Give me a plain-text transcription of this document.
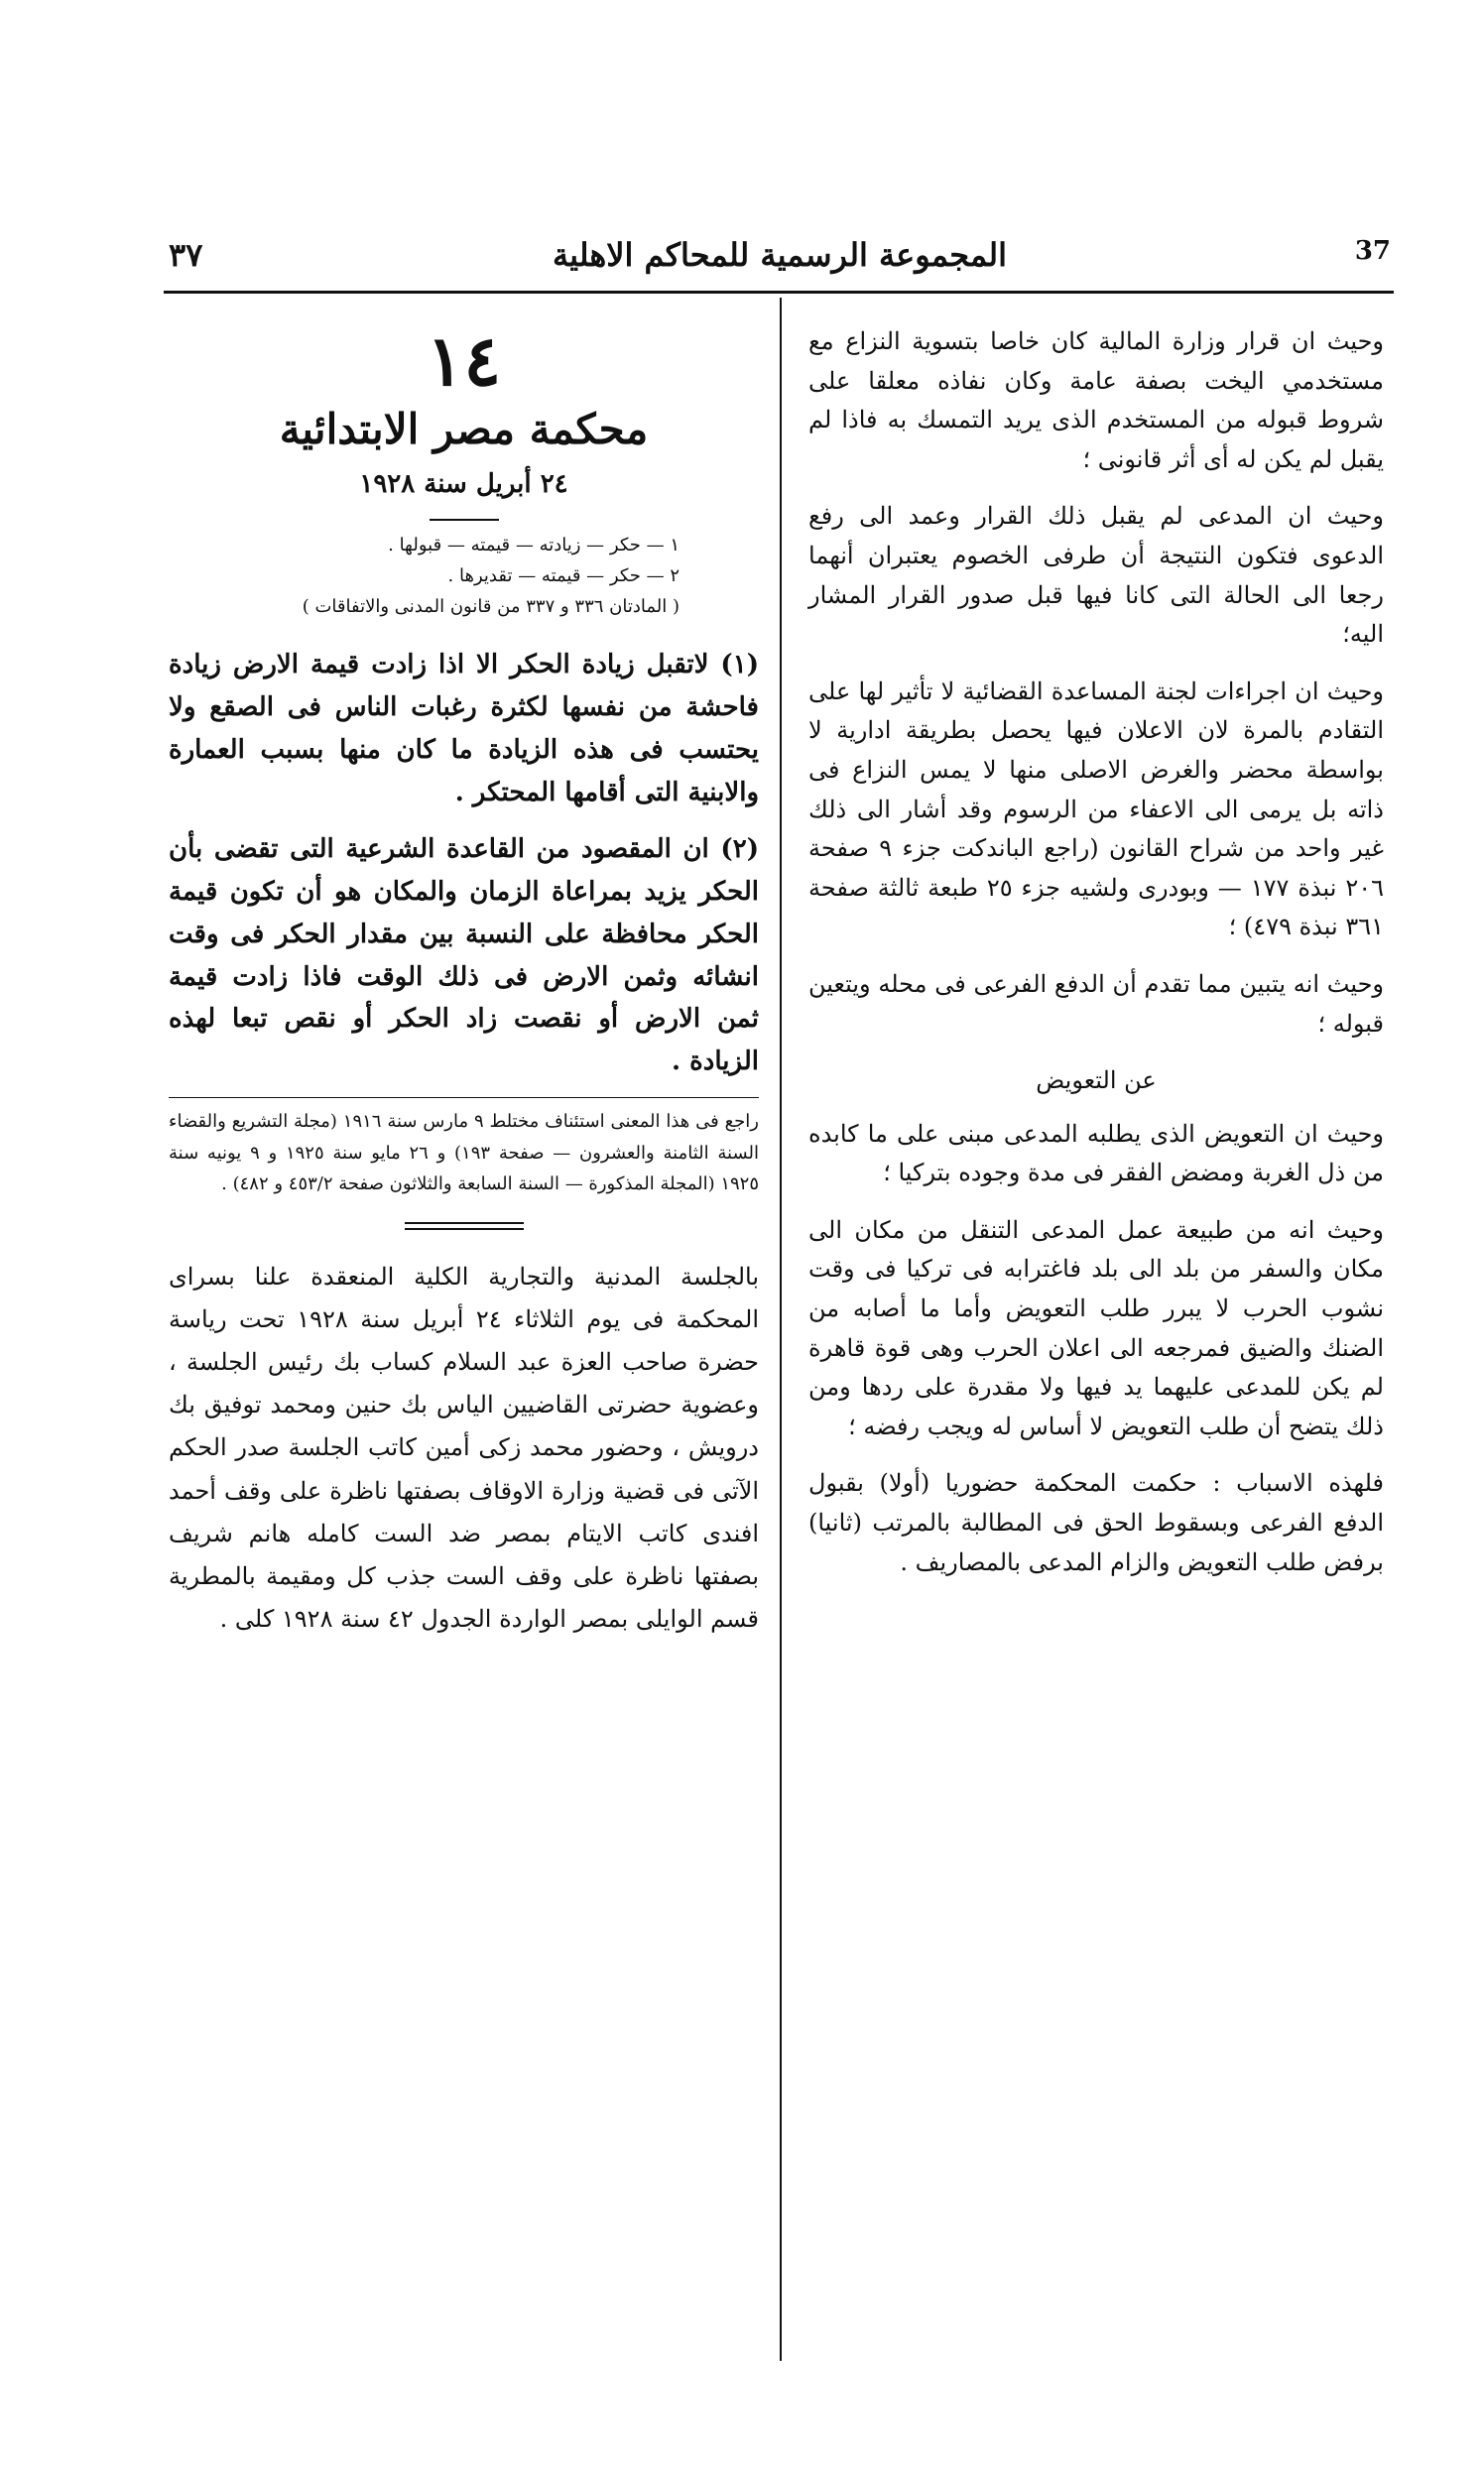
٣٧	المجموعة الرسمية للمحاكم الاهلية	37

وحيث ان قرار وزارة المالية كان خاصا بتسوية النزاع مع مستخدمي اليخت بصفة عامة وكان نفاذه معلقا على شروط قبوله من المستخدم الذى يريد التمسك به فاذا لم يقبل لم يكن له أى أثر قانونى ؛

وحيث ان المدعى لم يقبل ذلك القرار وعمد الى رفع الدعوى فتكون النتيجة أن طرفى الخصوم يعتبران أنهما رجعا الى الحالة التى كانا فيها قبل صدور القرار المشار اليه؛

وحيث ان اجراءات لجنة المساعدة القضائية لا تأثير لها على التقادم بالمرة لان الاعلان فيها يحصل بطريقة ادارية لا بواسطة محضر والغرض الاصلى منها لا يمس النزاع فى ذاته بل يرمى الى الاعفاء من الرسوم وقد أشار الى ذلك غير واحد من شراح القانون (راجع الباندكت جزء ٩ صفحة ٢٠٦ نبذة ١٧٧ — وبودرى ولشيه جزء ٢٥ طبعة ثالثة صفحة ٣٦١ نبذة ٤٧٩) ؛

وحيث انه يتبين مما تقدم أن الدفع الفرعى فى محله ويتعين قبوله ؛

عن التعويض

وحيث ان التعويض الذى يطلبه المدعى مبنى على ما كابده من ذل الغربة ومضض الفقر فى مدة وجوده بتركيا ؛

وحيث انه من طبيعة عمل المدعى التنقل من مكان الى مكان والسفر من بلد الى بلد فاغترابه فى تركيا فى وقت نشوب الحرب لا يبرر طلب التعويض وأما ما أصابه من الضنك والضيق فمرجعه الى اعلان الحرب وهى قوة قاهرة لم يكن للمدعى عليهما يد فيها ولا مقدرة على ردها ومن ذلك يتضح أن طلب التعويض لا أساس له ويجب رفضه ؛

فلهذه الاسباب : حكمت المحكمة حضوريا (أولا) بقبول الدفع الفرعى وبسقوط الحق فى المطالبة بالمرتب (ثانيا) برفض طلب التعويض والزام المدعى بالمصاريف .

١٤
محكمة مصر الابتدائية
٢٤ أبريل سنة ١٩٢٨
١ — حكر — زيادته — قيمته — قبولها .
٢ — حكر — قيمته — تقديرها .
( المادتان ٣٣٦ و ٣٣٧ من قانون المدنى والاتفاقات )

(١) لاتقبل زيادة الحكر الا اذا زادت قيمة الارض زيادة فاحشة من نفسها لكثرة رغبات الناس فى الصقع ولا يحتسب فى هذه الزيادة ما كان منها بسبب العمارة والابنية التى أقامها المحتكر .

(٢) ان المقصود من القاعدة الشرعية التى تقضى بأن الحكر يزيد بمراعاة الزمان والمكان هو أن تكون قيمة الحكر محافظة على النسبة بين مقدار الحكر فى وقت انشائه وثمن الارض فى ذلك الوقت فاذا زادت قيمة ثمن الارض أو نقصت زاد الحكر أو نقص تبعا لهذه الزيادة .

راجع فى هذا المعنى استئناف مختلط ٩ مارس سنة ١٩١٦ (مجلة التشريع والقضاء السنة الثامنة والعشرون — صفحة ١٩٣) و ٢٦ مايو سنة ١٩٢٥ و ٩ يونيه سنة ١٩٢٥ (المجلة المذكورة — السنة السابعة والثلاثون صفحة ٤٥٣/٢ و ٤٨٢) .
بالجلسة المدنية والتجارية الكلية المنعقدة علنا بسراى المحكمة فى يوم الثلاثاء ٢٤ أبريل سنة ١٩٢٨ تحت رياسة حضرة صاحب العزة عبد السلام كساب بك رئيس الجلسة ، وعضوية حضرتى القاضيين الياس بك حنين ومحمد توفيق بك درويش ، وحضور محمد زكى أمين كاتب الجلسة صدر الحكم الآتى فى قضية وزارة الاوقاف بصفتها ناظرة على وقف أحمد افندى كاتب الايتام بمصر ضد الست كامله هانم شريف بصفتها ناظرة على وقف الست جذب كل ومقيمة بالمطرية قسم الوايلى بمصر الواردة الجدول ٤٢ سنة ١٩٢٨ كلى .
